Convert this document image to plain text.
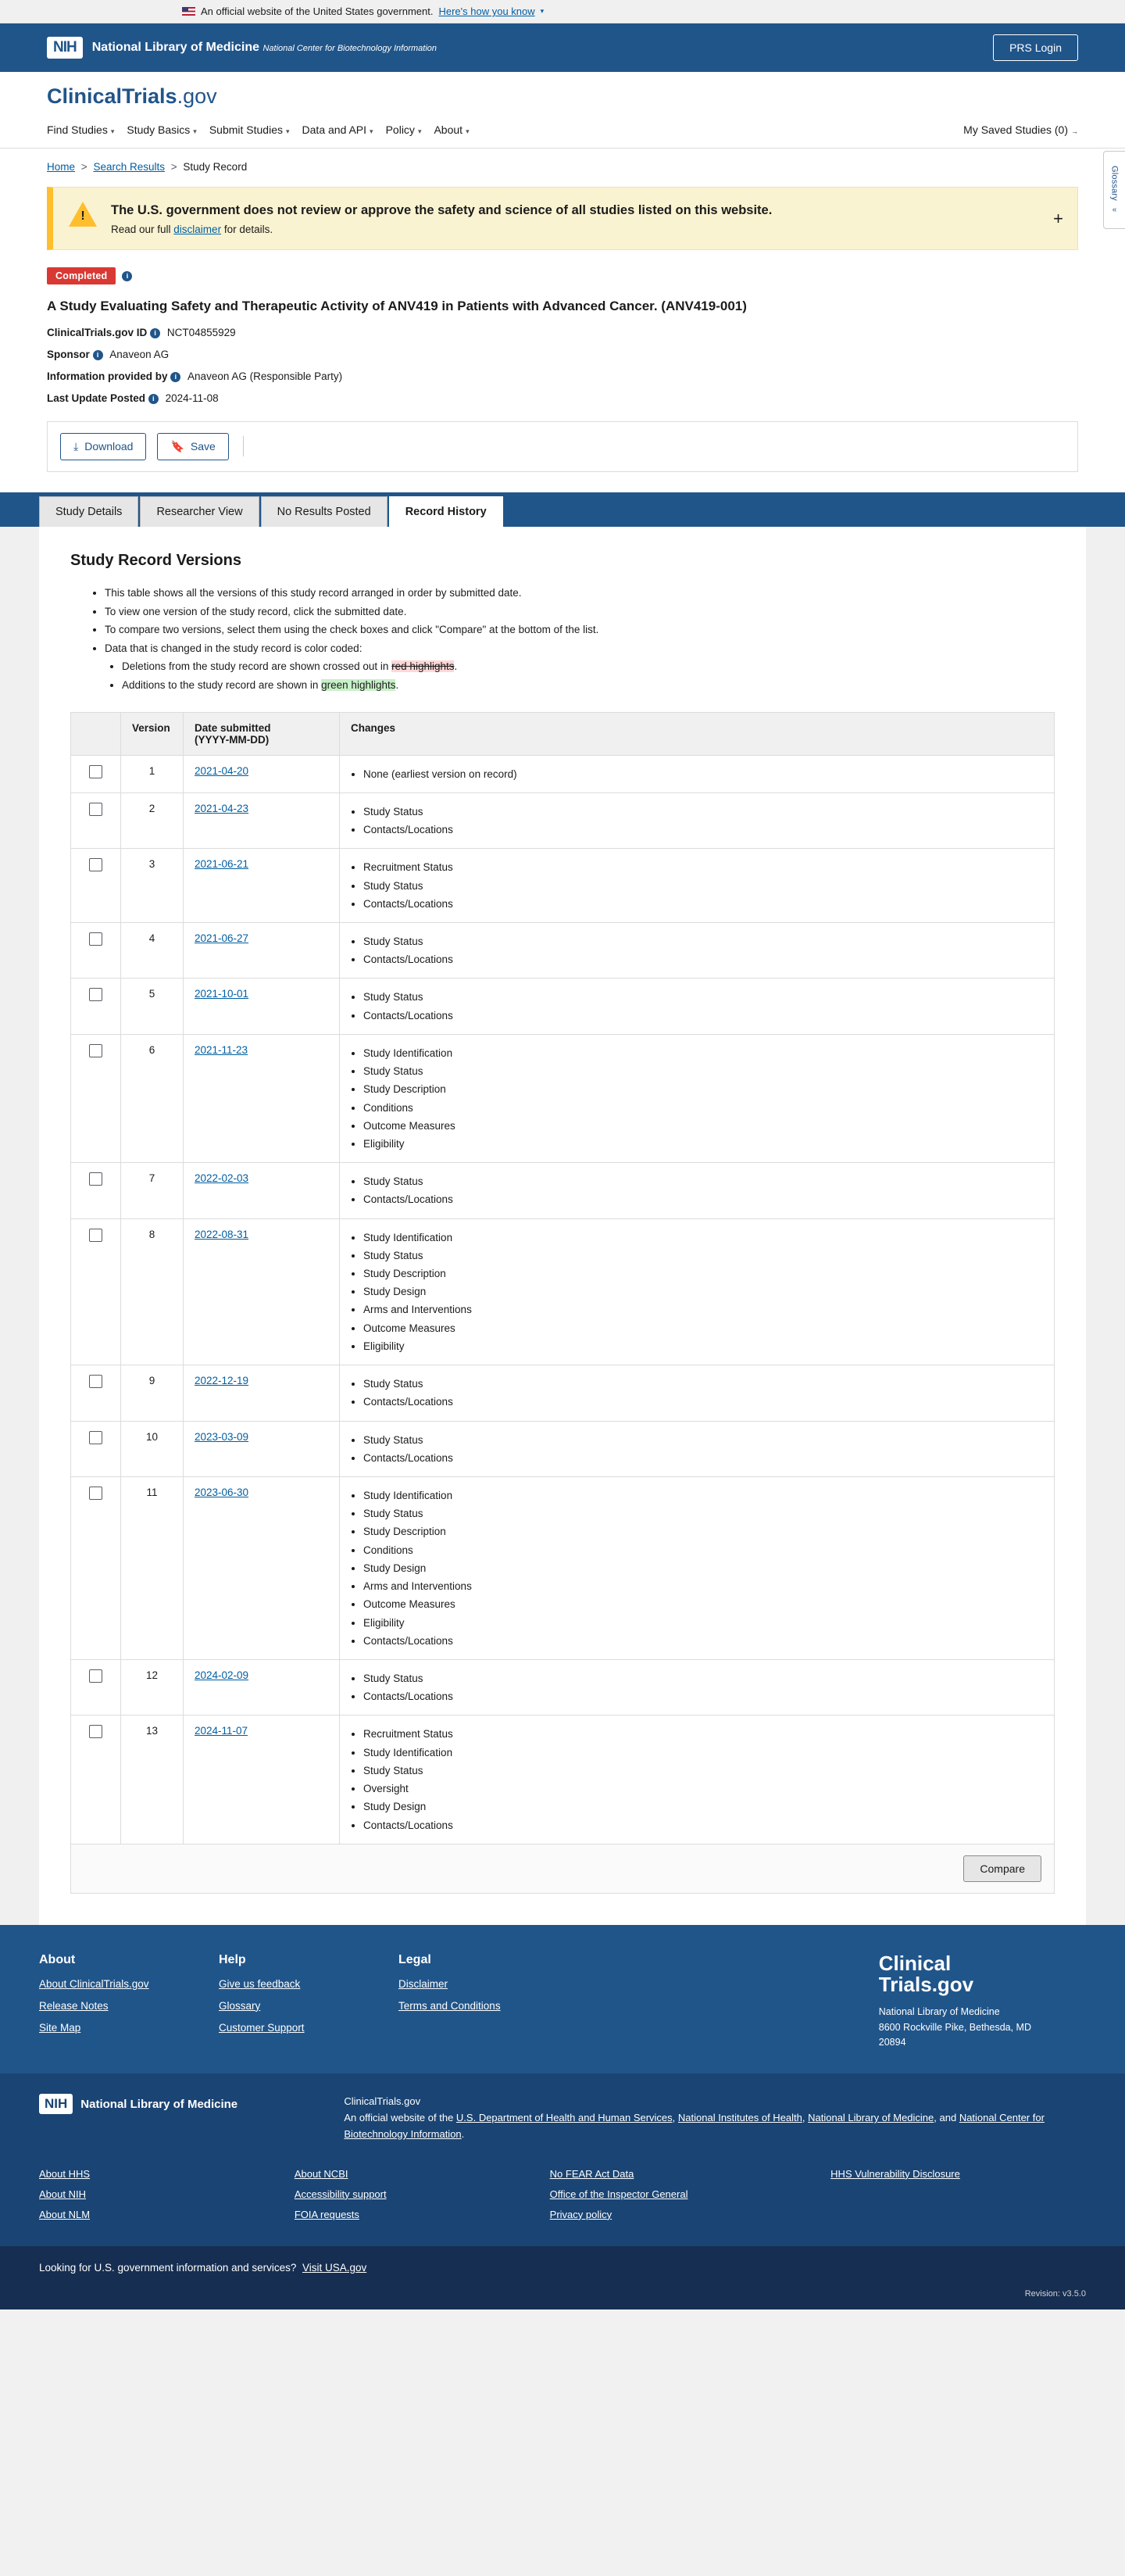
An official website of the United States government. Here's how you know ▾
NIH	National Library of Medicine National Center for Biotechnology Information	PRS Login
ClinicalTrials.gov
Find Studies ▾	Study Basics ▾	Submit Studies ▾	Data and API ▾	Policy ▾	About ▾	My Saved Studies (0) →
Glossary
«
Home > Search Results > Study Record
!
The U.S. government does not review or approve the safety and science of all studies listed on this website.
Read our full disclaimer for details.
+
Completed	i
A Study Evaluating Safety and Therapeutic Activity of ANV419 in Patients with Advanced Cancer. (ANV419-001)
ClinicalTrials.gov ID i NCT04855929
Sponsor i Anaveon AG
Information provided by i Anaveon AG (Responsible Party)
Last Update Posted i 2024-11-08
⤓ Download	🔖 Save
Study Details	Researcher View	No Results Posted	Record History
Study Record Versions
• This table shows all the versions of this study record arranged in order by submitted date.
• To view one version of the study record, click the submitted date.
• To compare two versions, select them using the check boxes and click "Compare" at the bottom of the list.
• Data that is changed in the study record is color coded:
• Deletions from the study record are shown crossed out in red highlights.
• Additions to the study record are shown in green highlights.
	Version	Date submitted
(YYYY-MM-DD)	Changes
	1	2021-04-20	
•None (earliest version on record)

	2	2021-04-23	
•Study Status
• Contacts/Locations

	3	2021-06-21	
•Recruitment Status
• Study Status
• Contacts/Locations

	4	2021-06-27	
•Study Status
• Contacts/Locations

	5	2021-10-01	
•Study Status
• Contacts/Locations

	6	2021-11-23	
•Study Identification
• Study Status
• Study Description
• Conditions
• Outcome Measures
• Eligibility

	7	2022-02-03	
•Study Status
• Contacts/Locations

	8	2022-08-31	
•Study Identification
• Study Status
• Study Description
• Study Design
• Arms and Interventions
• Outcome Measures
• Eligibility

	9	2022-12-19	
•Study Status
• Contacts/Locations

	10	2023-03-09	
•Study Status
• Contacts/Locations

	11	2023-06-30	
•Study Identification
• Study Status
• Study Description
• Conditions
• Study Design
• Arms and Interventions
• Outcome Measures
• Eligibility
• Contacts/Locations

	12	2024-02-09	
•Study Status
• Contacts/Locations

	13	2024-11-07	
•Recruitment Status
• Study Identification
• Study Status
• Oversight
• Study Design
• Contacts/Locations
Compare
About
About ClinicalTrials.gov
Release Notes
Site Map
Help
Give us feedback
Glossary
Customer Support
Legal
Disclaimer
Terms and Conditions
Clinical
Trials.gov
National Library of Medicine
8600 Rockville Pike, Bethesda, MD
20894
NIH	National Library of Medicine	ClinicalTrials.gov
An official website of the U.S. Department of Health and Human Services, National Institutes of Health, National Library of Medicine, and National Center for Biotechnology Information.
About HHS
About NIH
About NLM
About NCBI
Accessibility support
FOIA requests
No FEAR Act Data
Office of the Inspector General
Privacy policy
HHS Vulnerability Disclosure
Looking for U.S. government information and services? Visit USA.gov
Revision: v3.5.0
